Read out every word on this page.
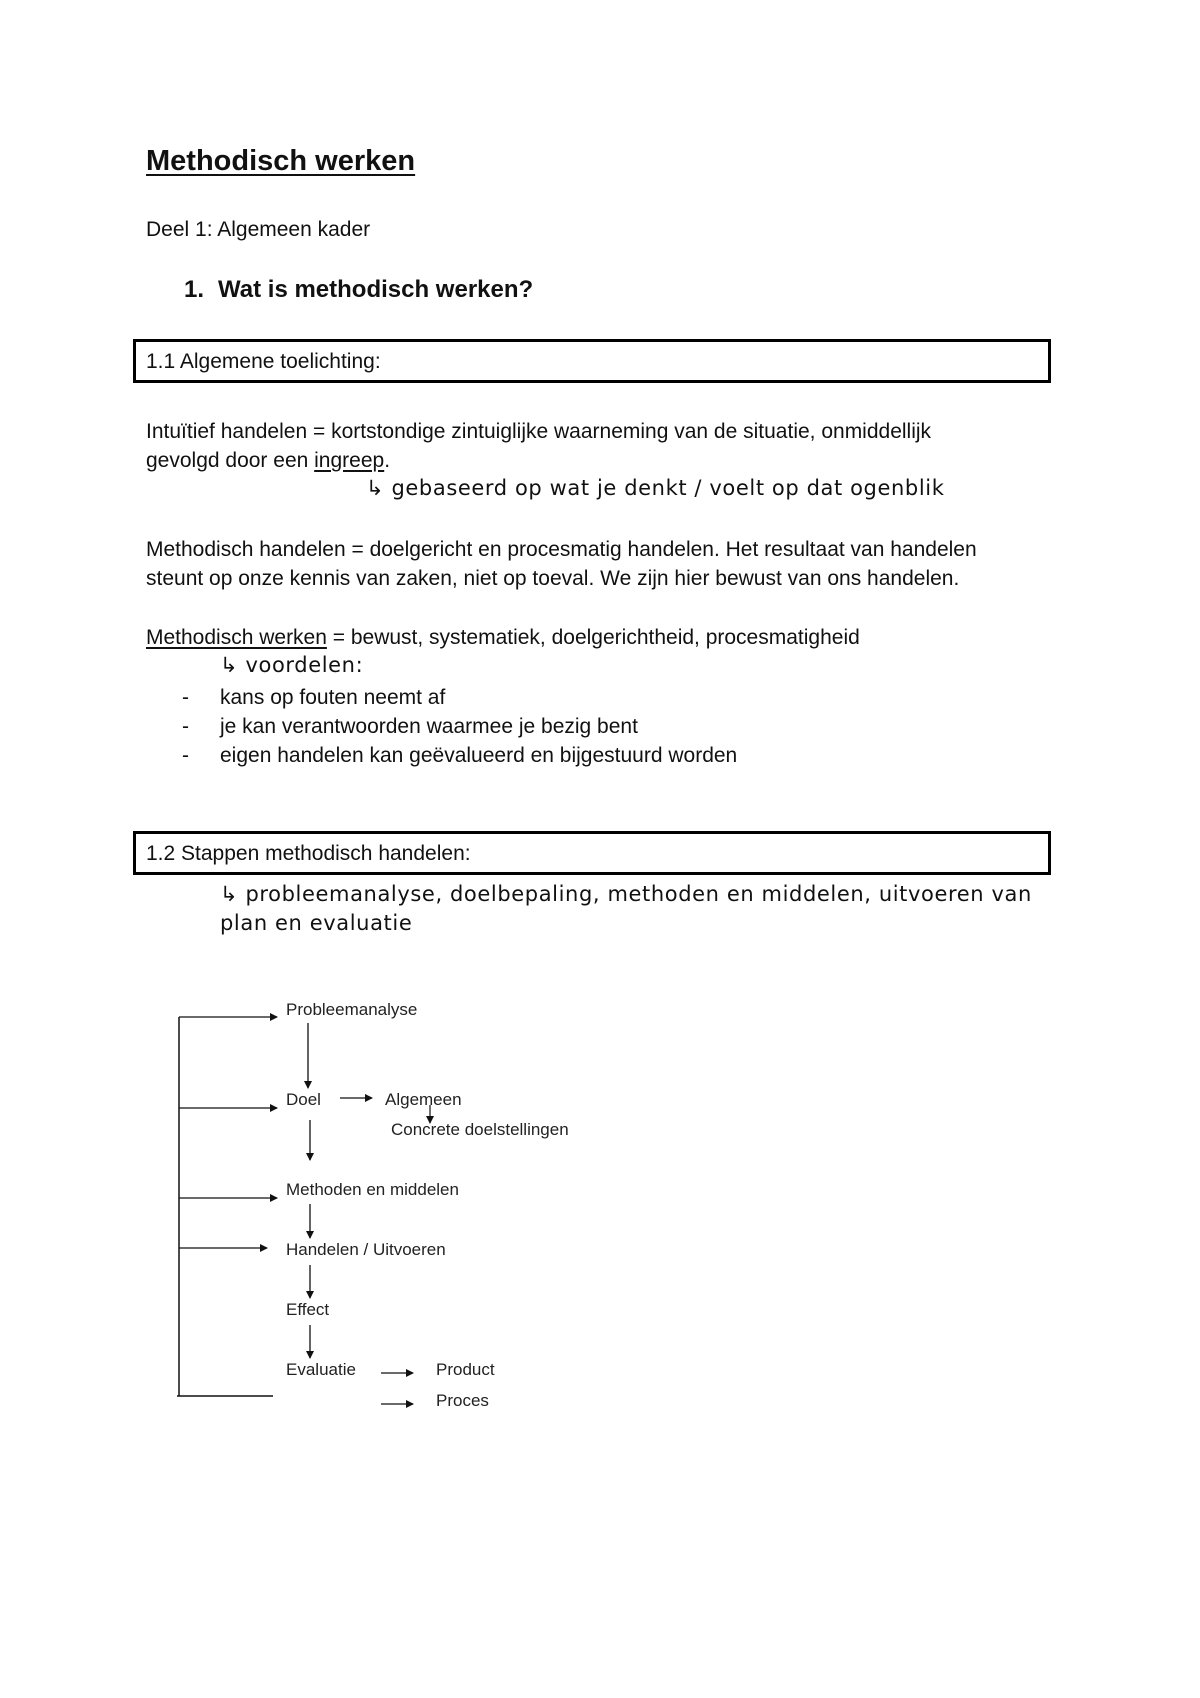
Methodisch werken
Deel 1: Algemeen kader
1. Wat is methodisch werken?
1.1 Algemene toelichting:
Intuïtief handelen = kortstondige zintuiglijke waarneming van de situatie, onmiddellijk
gevolgd door een ingreep.
↳ gebaseerd op wat je denkt / voelt op dat ogenblik
Methodisch handelen = doelgericht en procesmatig handelen. Het resultaat van handelen
steunt op onze kennis van zaken, niet op toeval. We zijn hier bewust van ons handelen.
Methodisch werken = bewust, systematiek, doelgerichtheid, procesmatigheid
↳ voordelen:
- kans op fouten neemt af
- je kan verantwoorden waarmee je bezig bent
- eigen handelen kan geëvalueerd en bijgestuurd worden
1.2 Stappen methodisch handelen:
↳ probleemanalyse, doelbepaling, methoden en middelen, uitvoeren van
plan en evaluatie
Probleemanalyse
Doel	Algemeen
Concrete doelstellingen
Methoden en middelen
Handelen / Uitvoeren
Effect
Evaluatie	Product
Proces
